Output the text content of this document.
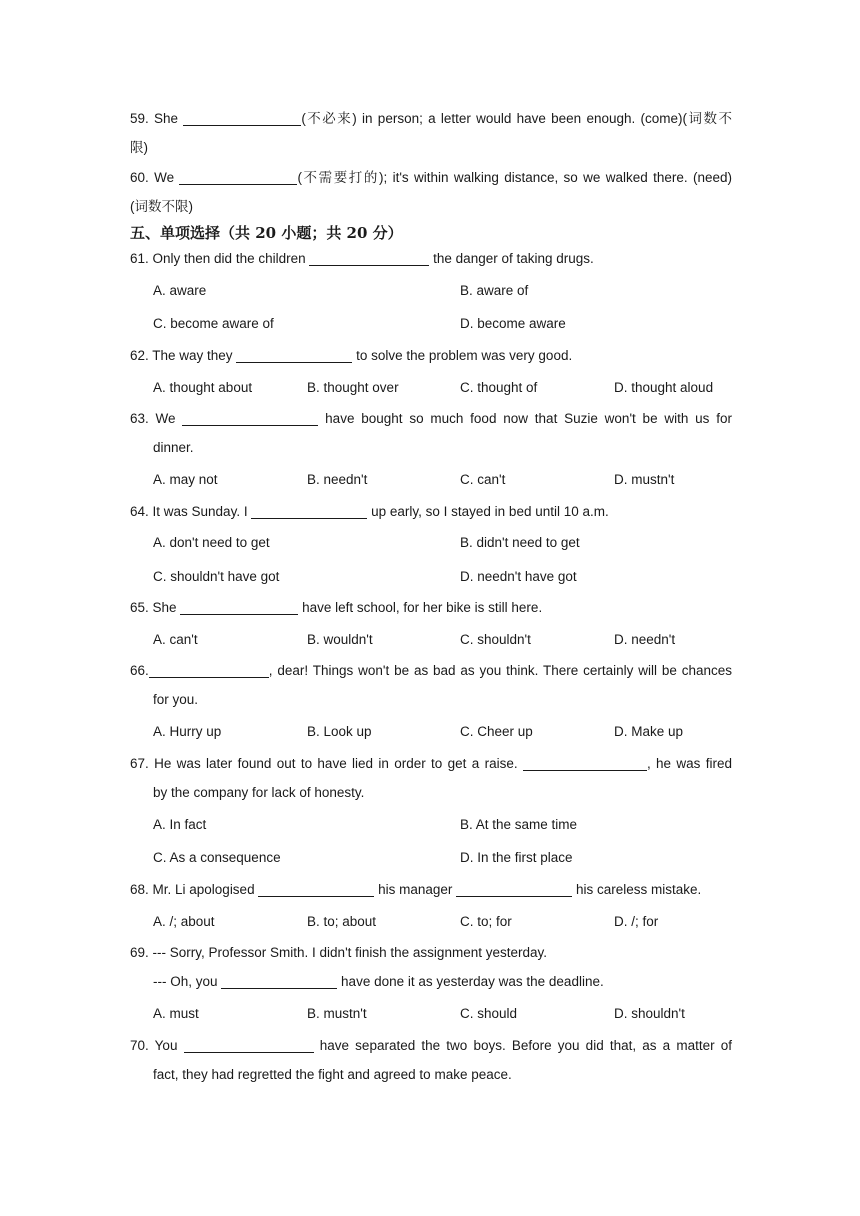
59. She	(不必来) in person; a letter would have been enough. (come)(词数不
限)
60. We	(不需要打的); it's within walking distance, so we walked there. (need)
(词数不限)
五、单项选择（共 20 小题；共 20 分）
61. Only then did the children	the danger of taking drugs.
A. aware	B. aware of
C. become aware of	D. become aware
62. The way they	to solve the problem was very good.
A. thought about	B. thought over	C. thought of	D. thought aloud
63. We	have bought so much food now that Suzie won't be with us for
dinner.
A. may not	B. needn't	C. can't	D. mustn't
64. It was Sunday. I	up early, so I stayed in bed until 10 a.m.
A. don't need to get	B. didn't need to get
C. shouldn't have got	D. needn't have got
65. She	have left school, for her bike is still here.
A. can't	B. wouldn't	C. shouldn't	D. needn't
66.	, dear! Things won't be as bad as you think. There certainly will be chances
for you.
A. Hurry up	B. Look up	C. Cheer up	D. Make up
67. He was later found out to have lied in order to get a raise.	, he was fired
by the company for lack of honesty.
A. In fact	B. At the same time
C. As a consequence	D. In the first place
68. Mr. Li apologised	his manager	his careless mistake.
A. /; about	B. to; about	C. to; for	D. /; for
69. --- Sorry, Professor Smith. I didn't finish the assignment yesterday.
--- Oh, you	have done it as yesterday was the deadline.
A. must	B. mustn't	C. should	D. shouldn't
70. You	have separated the two boys. Before you did that, as a matter of
fact, they had regretted the fight and agreed to make peace.
